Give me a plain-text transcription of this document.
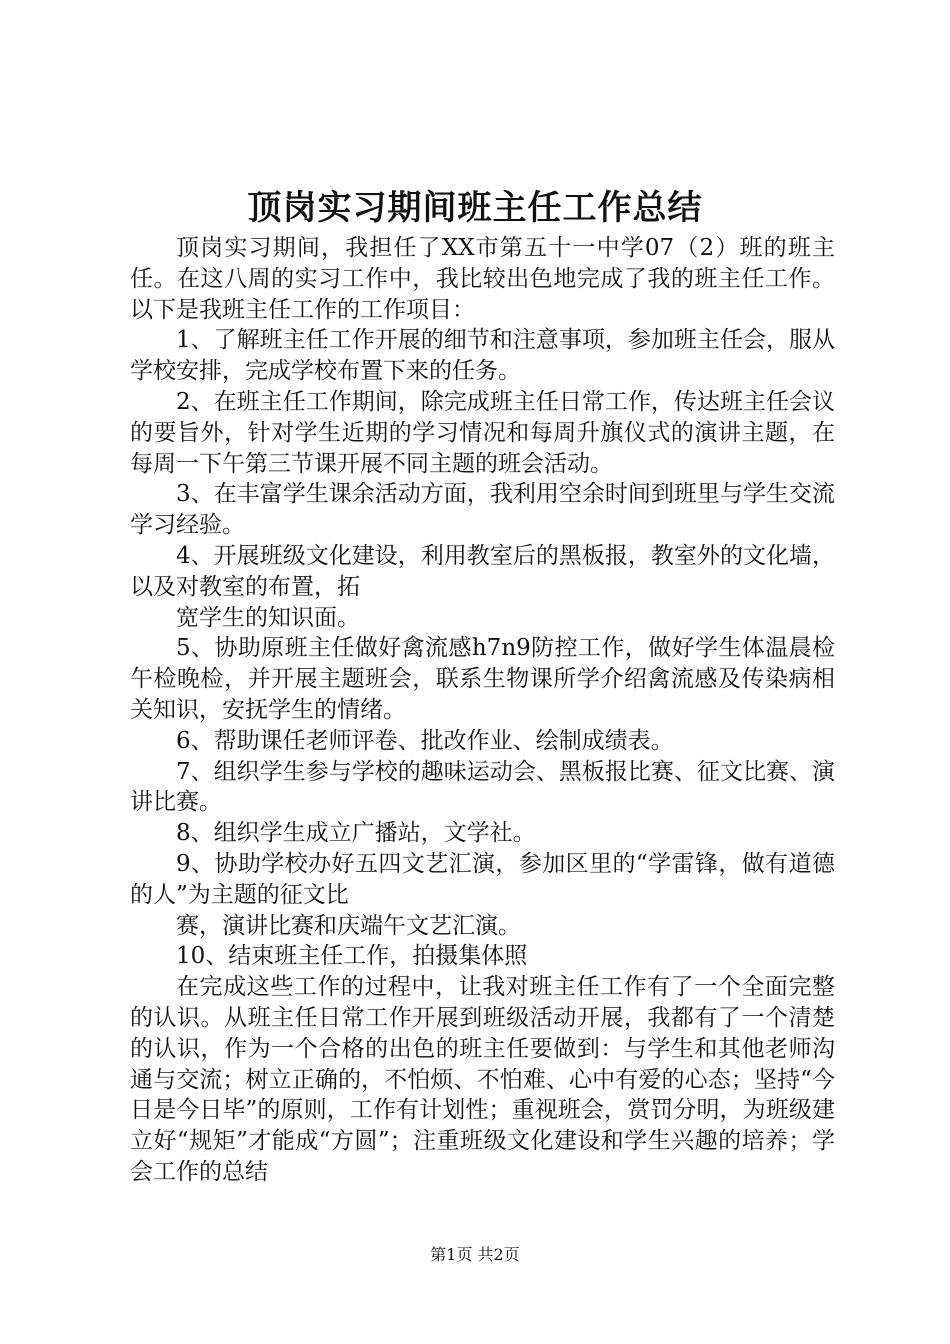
顶岗实习期间班主任工作总结

顶岗实习期间，我担任了XX市第五十一中学07（2）班的班主任。在这八周的实习工作中，我比较出色地完成了我的班主任工作。以下是我班主任工作的工作项目：

1、了解班主任工作开展的细节和注意事项，参加班主任会，服从学校安排，完成学校布置下来的任务。

2、在班主任工作期间，除完成班主任日常工作，传达班主任会议的要旨外，针对学生近期的学习情况和每周升旗仪式的演讲主题，在每周一下午第三节课开展不同主题的班会活动。

3、在丰富学生课余活动方面，我利用空余时间到班里与学生交流学习经验。

4、开展班级文化建设，利用教室后的黑板报，教室外的文化墙，以及对教室的布置，拓

宽学生的知识面。

5、协助原班主任做好禽流感h7n9防控工作，做好学生体温晨检午检晚检，并开展主题班会，联系生物课所学介绍禽流感及传染病相关知识，安抚学生的情绪。

6、帮助课任老师评卷、批改作业、绘制成绩表。

7、组织学生参与学校的趣味运动会、黑板报比赛、征文比赛、演讲比赛。

8、组织学生成立广播站，文学社。

9、协助学校办好五四文艺汇演，参加区里的“学雷锋，做有道德的人”为主题的征文比

赛，演讲比赛和庆端午文艺汇演。

10、结束班主任工作，拍摄集体照

在完成这些工作的过程中，让我对班主任工作有了一个全面完整的认识。从班主任日常工作开展到班级活动开展，我都有了一个清楚的认识，作为一个合格的出色的班主任要做到：与学生和其他老师沟通与交流；树立正确的，不怕烦、不怕难、心中有爱的心态；坚持“今日是今日毕”的原则，工作有计划性；重视班会，赏罚分明，为班级建立好“规矩”才能成“方圆”；注重班级文化建设和学生兴趣的培养；学会工作的总结

第1页 共2页
